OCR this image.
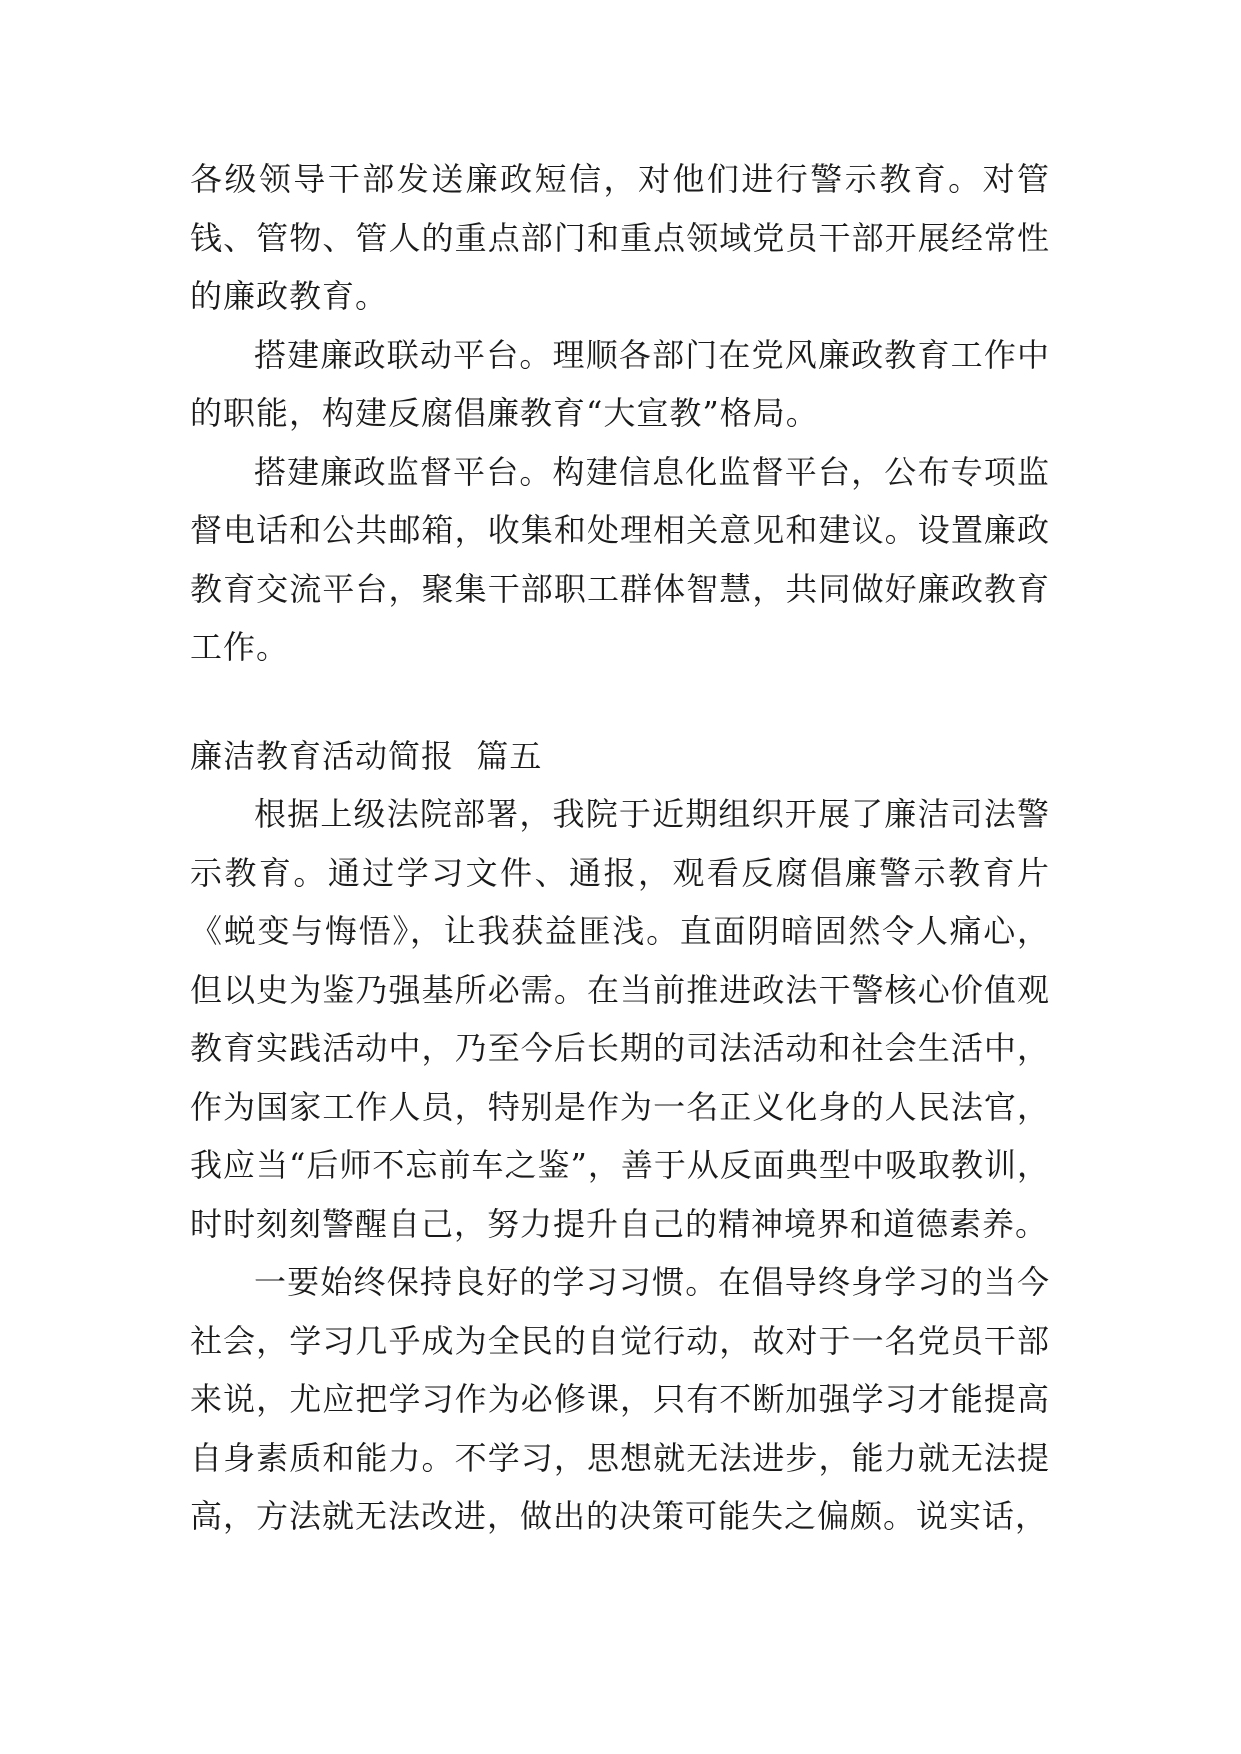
各级领导干部发送廉政短信，对他们进行警示教育。对管钱、管物、管人的重点部门和重点领域党员干部开展经常性的廉政教育。

搭建廉政联动平台。理顺各部门在党风廉政教育工作中的职能，构建反腐倡廉教育“大宣教”格局。

搭建廉政监督平台。构建信息化监督平台，公布专项监督电话和公共邮箱，收集和处理相关意见和建议。设置廉政教育交流平台，聚集干部职工群体智慧，共同做好廉政教育工作。

廉洁教育活动简报  篇五

根据上级法院部署，我院于近期组织开展了廉洁司法警示教育。通过学习文件、通报，观看反腐倡廉警示教育片《蜕变与悔悟》，让我获益匪浅。直面阴暗固然令人痛心，但以史为鉴乃强基所必需。在当前推进政法干警核心价值观教育实践活动中，乃至今后长期的司法活动和社会生活中，作为国家工作人员，特别是作为一名正义化身的人民法官，我应当“后师不忘前车之鉴”，善于从反面典型中吸取教训，时时刻刻警醒自己，努力提升自己的精神境界和道德素养。

一要始终保持良好的学习习惯。在倡导终身学习的当今社会，学习几乎成为全民的自觉行动，故对于一名党员干部来说，尤应把学习作为必修课，只有不断加强学习才能提高自身素质和能力。不学习，思想就无法进步，能力就无法提高，方法就无法改进，做出的决策可能失之偏颇。说实话，
